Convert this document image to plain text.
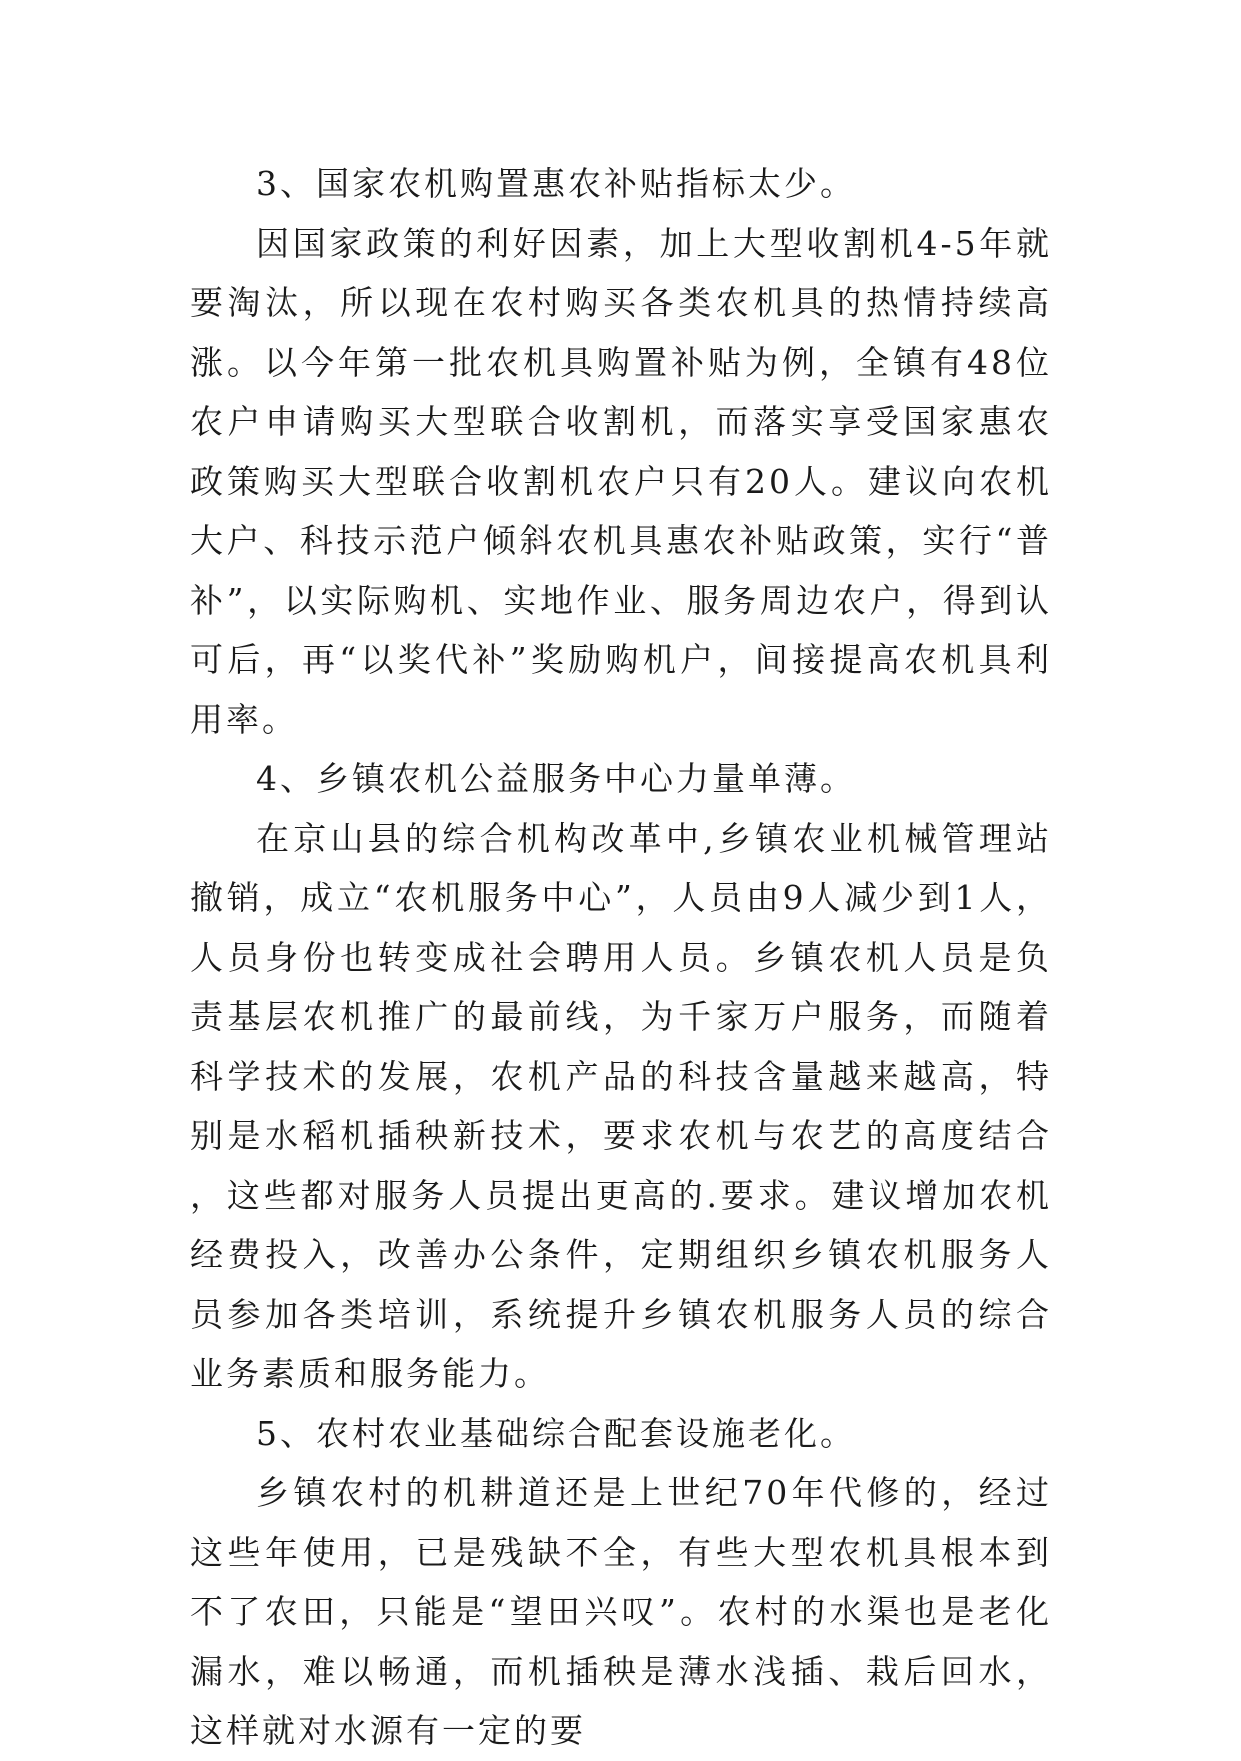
3、国家农机购置惠农补贴指标太少。

因国家政策的利好因素，加上大型收割机4-5年就要淘汰，所以现在农村购买各类农机具的热情持续高涨。以今年第一批农机具购置补贴为例，全镇有48位农户申请购买大型联合收割机，而落实享受国家惠农政策购买大型联合收割机农户只有20人。建议向农机大户、科技示范户倾斜农机具惠农补贴政策，实行“普补”，以实际购机、实地作业、服务周边农户，得到认可后，再“以奖代补”奖励购机户，间接提高农机具利用率。

4、乡镇农机公益服务中心力量单薄。

在京山县的综合机构改革中,乡镇农业机械管理站撤销，成立“农机服务中心”，人员由9人减少到1人，人员身份也转变成社会聘用人员。乡镇农机人员是负责基层农机推广的最前线，为千家万户服务，而随着科学技术的发展，农机产品的科技含量越来越高，特别是水稻机插秧新技术，要求农机与农艺的高度结合，这些都对服务人员提出更高的.要求。建议增加农机经费投入，改善办公条件，定期组织乡镇农机服务人员参加各类培训，系统提升乡镇农机服务人员的综合业务素质和服务能力。

5、农村农业基础综合配套设施老化。

乡镇农村的机耕道还是上世纪70年代修的，经过这些年使用，已是残缺不全，有些大型农机具根本到不了农田，只能是“望田兴叹”。农村的水渠也是老化漏水，难以畅通，而机插秧是薄水浅插、栽后回水，这样就对水源有一定的要
